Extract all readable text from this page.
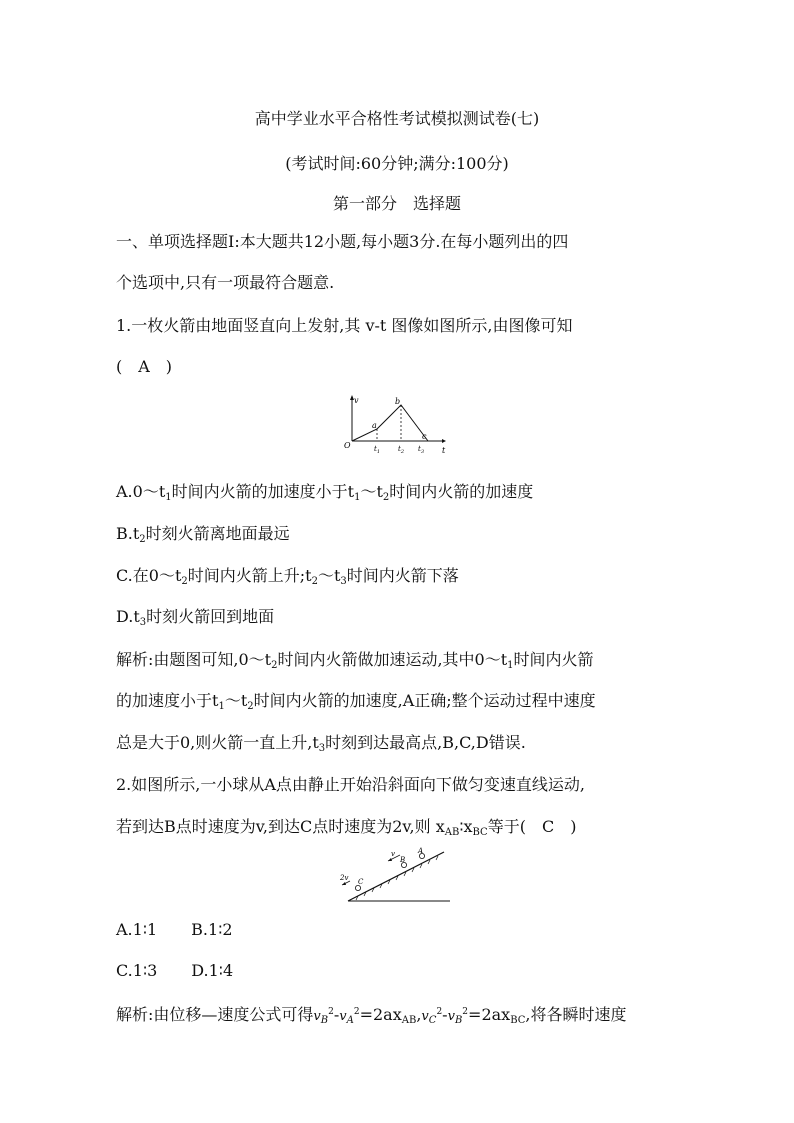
高中学业水平合格性考试模拟测试卷(七)
(考试时间:60分钟;满分:100分)
第一部分　选择题
一、单项选择题Ⅰ:本大题共12小题,每小题3分.在每小题列出的四
个选项中,只有一项最符合题意.
1.一枚火箭由地面竖直向上发射,其 v-t 图像如图所示,由图像可知
(　A　)
v
t
O
a
b
c
$t_1$	$t_2$ $t_3$
$A.0\sim t_1$时间内火箭的加速度小于$t_1\sim t_2$时间内火箭的加速度
$B.t_2$时刻火箭离地面最远
C.在$0\sim t_2$时间内火箭上升$;t_2\sim t_3$时间内火箭下落
$D.t_3$时刻火箭回到地面
解析:由题图可知$,0\sim t_2$时间内火箭做加速运动,其中$0\sim t_1$时间内火箭
的加速度小于$t_1\sim t_2$时间内火箭的加速度,A正确;整个运动过程中速度
总是大于0,则火箭一直上升$,t_3$时刻到达最高点,B,C,D错误.
2.如图所示,一小球从A点由静止开始沿斜面向下做匀变速直线运动,
若到达B点时速度为v,到达C点时速度为2v,则 $x_{AB}∶x_{BC}$等于(　C　)
A
B
C
v
2v
A.1∶1 B.1∶2
C.1∶3 D.1∶4
解析:由位移—速度公式可得$v_B^2-v_A^2=2ax_{AB},v_C^2-v_B^2=2ax_{BC}$,将各瞬时速度
